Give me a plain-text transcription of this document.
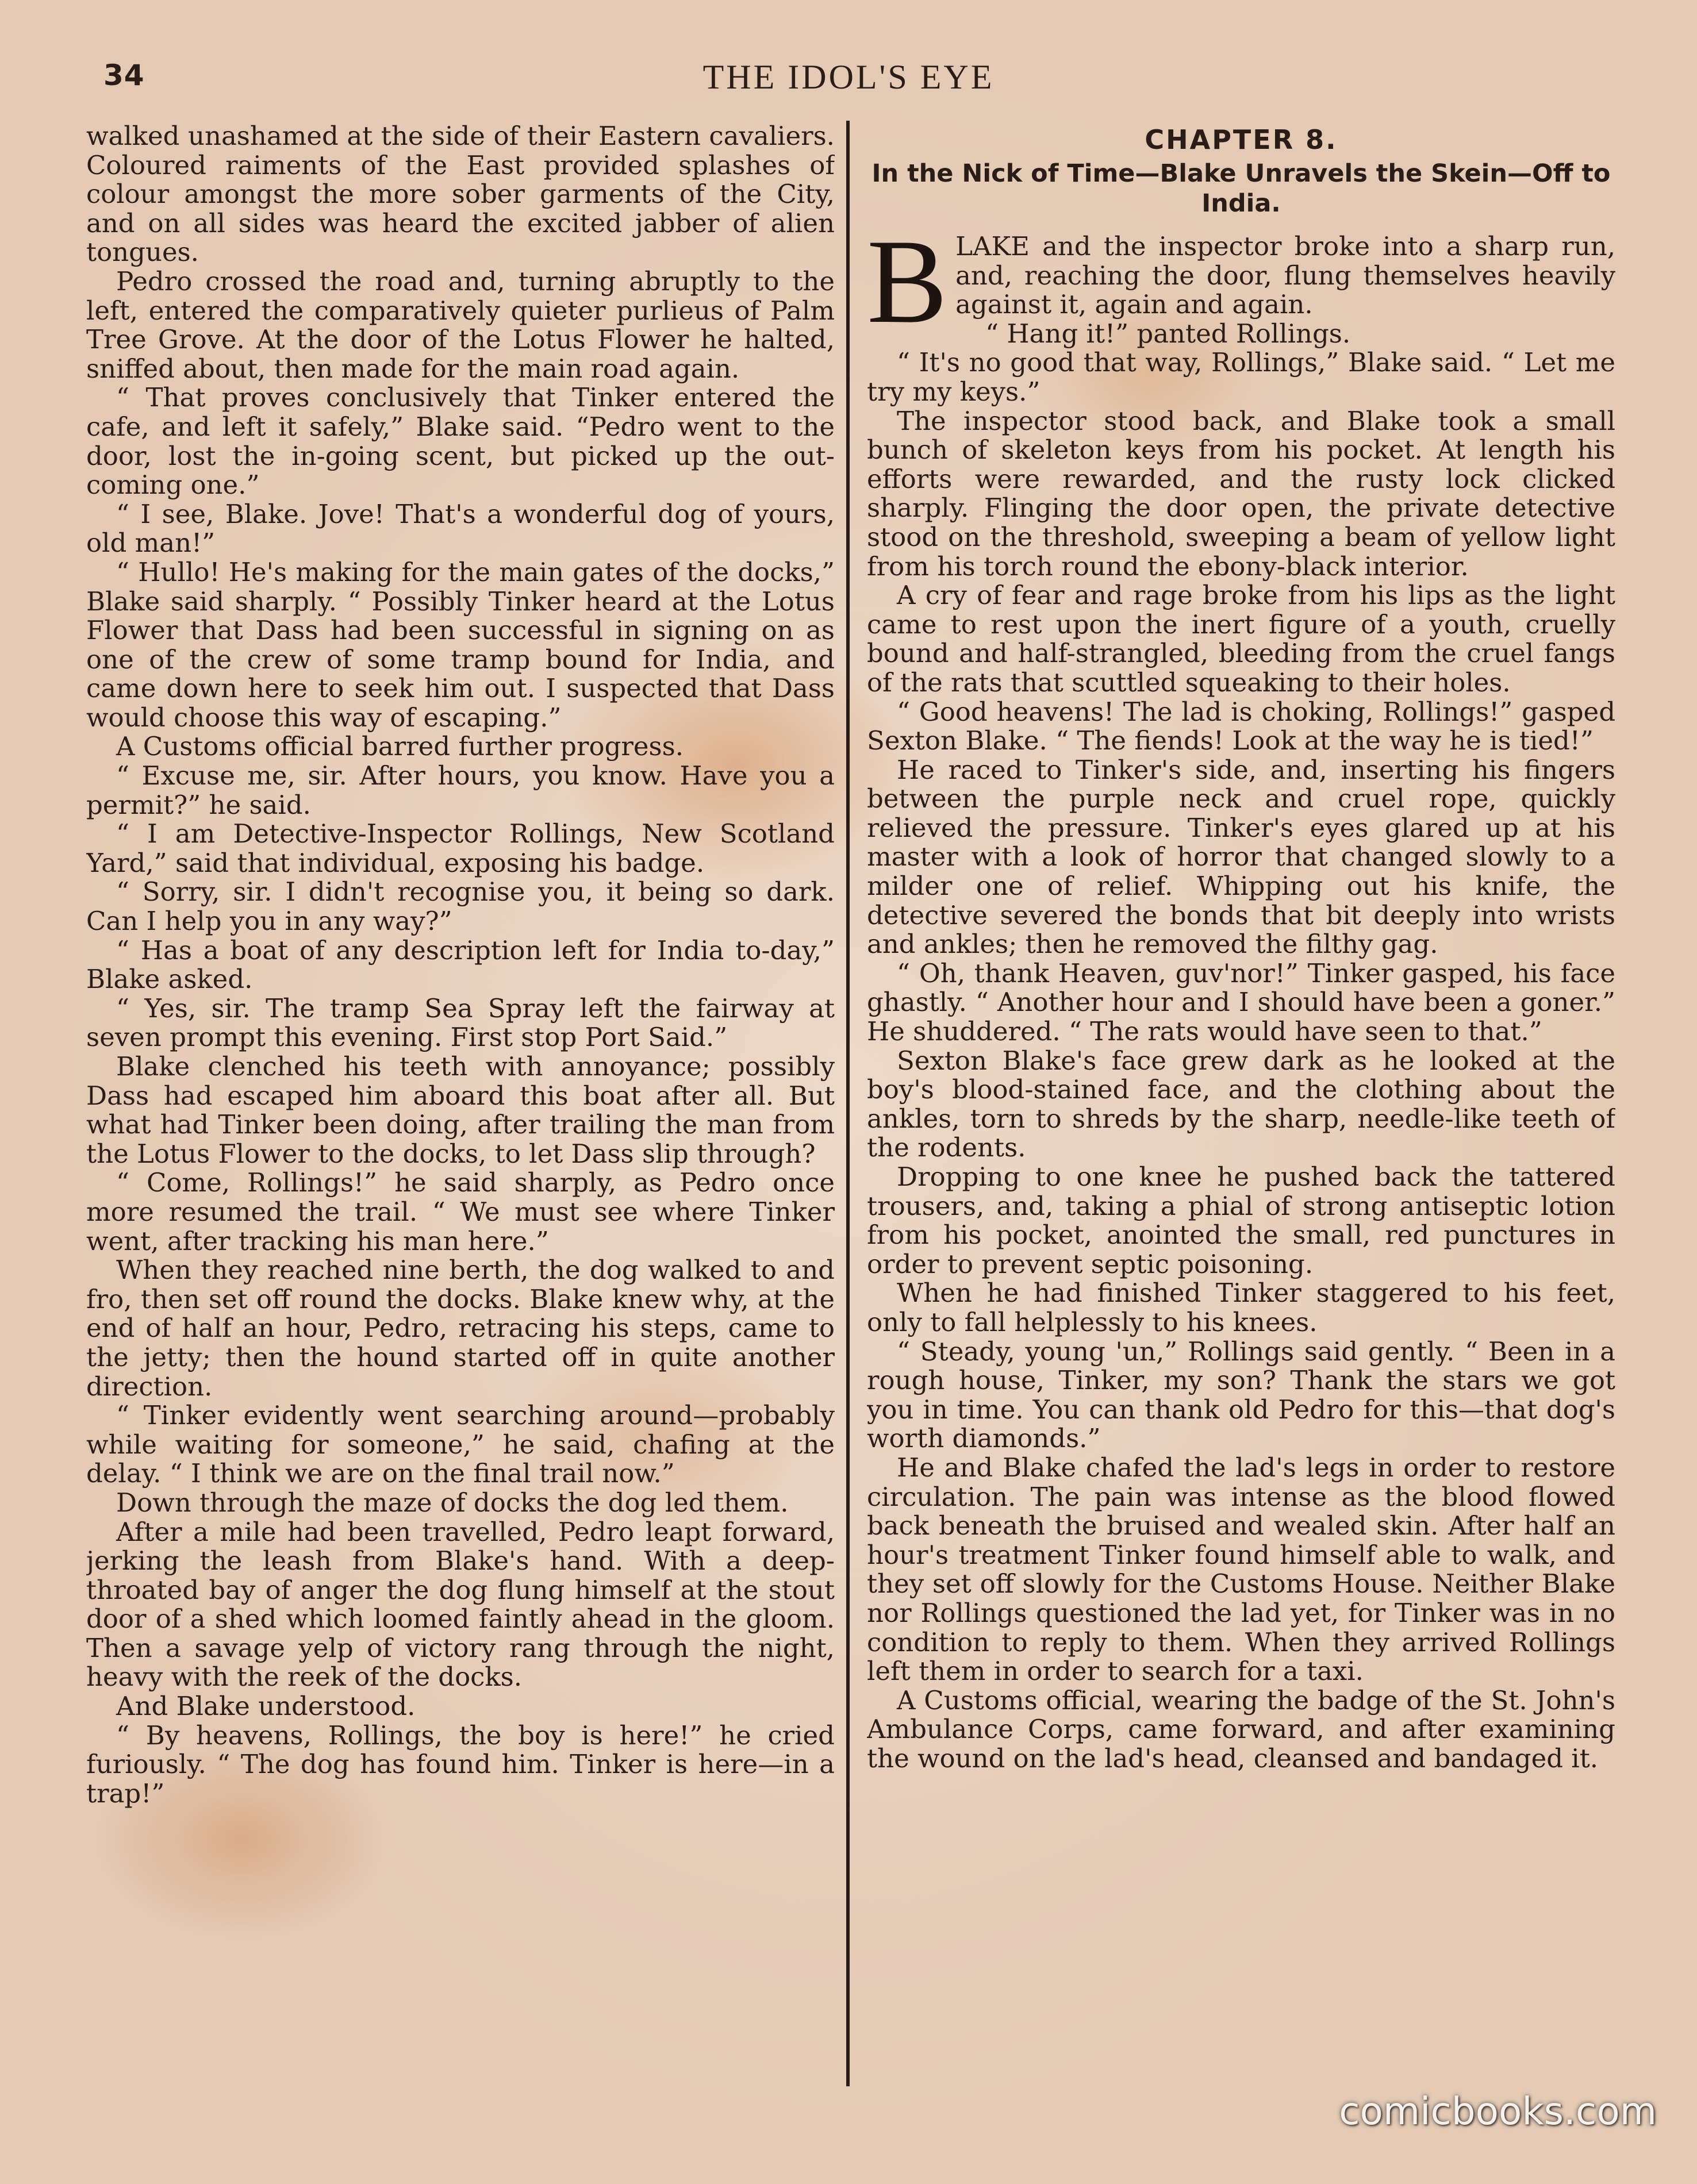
34	THE IDOL'S EYE

walked unashamed at the side of their Eastern cavaliers. Coloured raiments of the East provided splashes of colour amongst the more sober garments of the City, and on all sides was heard the excited jabber of alien tongues.

Pedro crossed the road and, turning abruptly to the left, entered the comparatively quieter purlieus of Palm Tree Grove. At the door of the Lotus Flower he halted, sniffed about, then made for the main road again.

“ That proves conclusively that Tinker entered the cafe, and left it safely,” Blake said. “Pedro went to the door, lost the in-going scent, but picked up the out-coming one.”

“ I see, Blake. Jove! That's a wonderful dog of yours, old man!”

“ Hullo! He's making for the main gates of the docks,” Blake said sharply. “ Possibly Tinker heard at the Lotus Flower that Dass had been successful in signing on as one of the crew of some tramp bound for India, and came down here to seek him out. I suspected that Dass would choose this way of escaping.”

A Customs official barred further progress.

“ Excuse me, sir. After hours, you know. Have you a permit?” he said.

“ I am Detective-Inspector Rollings, New Scotland Yard,” said that individual, exposing his badge.

“ Sorry, sir. I didn't recognise you, it being so dark. Can I help you in any way?”

“ Has a boat of any description left for India to-day,” Blake asked.

“ Yes, sir. The tramp Sea Spray left the fairway at seven prompt this evening. First stop Port Said.”

Blake clenched his teeth with annoyance; possibly Dass had escaped him aboard this boat after all. But what had Tinker been doing, after trailing the man from the Lotus Flower to the docks, to let Dass slip through?

“ Come, Rollings!” he said sharply, as Pedro once more resumed the trail. “ We must see where Tinker went, after tracking his man here.”

When they reached nine berth, the dog walked to and fro, then set off round the docks. Blake knew why, at the end of half an hour, Pedro, retracing his steps, came to the jetty; then the hound started off in quite another direction.

“ Tinker evidently went searching around—probably while waiting for someone,” he said, chafing at the delay. “ I think we are on the final trail now.”

Down through the maze of docks the dog led them.

After a mile had been travelled, Pedro leapt forward, jerking the leash from Blake's hand. With a deep-throated bay of anger the dog flung himself at the stout door of a shed which loomed faintly ahead in the gloom. Then a savage yelp of victory rang through the night, heavy with the reek of the docks.

And Blake understood.

“ By heavens, Rollings, the boy is here!” he cried furiously. “ The dog has found him. Tinker is here—in a trap!”

CHAPTER 8.
In the Nick of Time—Blake Unravels the Skein—Off to India.

BLAKE and the inspector broke into a sharp run, and, reaching the door, flung themselves heavily against it, again and again.

“ Hang it!” panted Rollings.

“ It's no good that way, Rollings,” Blake said. “ Let me try my keys.”

The inspector stood back, and Blake took a small bunch of skeleton keys from his pocket. At length his efforts were rewarded, and the rusty lock clicked sharply. Flinging the door open, the private detective stood on the threshold, sweeping a beam of yellow light from his torch round the ebony-black interior.

A cry of fear and rage broke from his lips as the light came to rest upon the inert figure of a youth, cruelly bound and half-strangled, bleeding from the cruel fangs of the rats that scuttled squeaking to their holes.

“ Good heavens! The lad is choking, Rollings!” gasped Sexton Blake. “ The fiends! Look at the way he is tied!”

He raced to Tinker's side, and, inserting his fingers between the purple neck and cruel rope, quickly relieved the pressure. Tinker's eyes glared up at his master with a look of horror that changed slowly to a milder one of relief. Whipping out his knife, the detective severed the bonds that bit deeply into wrists and ankles; then he removed the filthy gag.

“ Oh, thank Heaven, guv'nor!” Tinker gasped, his face ghastly. “ Another hour and I should have been a goner.” He shuddered. “ The rats would have seen to that.”

Sexton Blake's face grew dark as he looked at the boy's blood-stained face, and the clothing about the ankles, torn to shreds by the sharp, needle-like teeth of the rodents.

Dropping to one knee he pushed back the tattered trousers, and, taking a phial of strong antiseptic lotion from his pocket, anointed the small, red punctures in order to prevent septic poisoning.

When he had finished Tinker staggered to his feet, only to fall helplessly to his knees.

“ Steady, young 'un,” Rollings said gently. “ Been in a rough house, Tinker, my son? Thank the stars we got you in time. You can thank old Pedro for this—that dog's worth diamonds.”

He and Blake chafed the lad's legs in order to restore circulation. The pain was intense as the blood flowed back beneath the bruised and wealed skin. After half an hour's treatment Tinker found himself able to walk, and they set off slowly for the Customs House. Neither Blake nor Rollings questioned the lad yet, for Tinker was in no condition to reply to them. When they arrived Rollings left them in order to search for a taxi.

A Customs official, wearing the badge of the St. John's Ambulance Corps, came forward, and after examining the wound on the lad's head, cleansed and bandaged it.

comicbooks.com
